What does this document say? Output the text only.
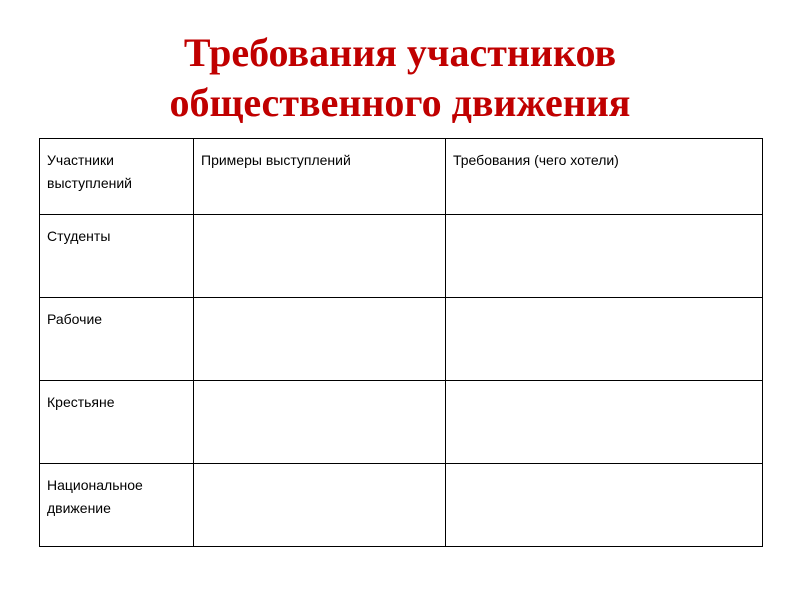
Требования участников
общественного движения
Участники выступлений	Примеры выступлений	Требования (чего хотели)
Студенты		
Рабочие		
Крестьяне		
Национальное движение		
